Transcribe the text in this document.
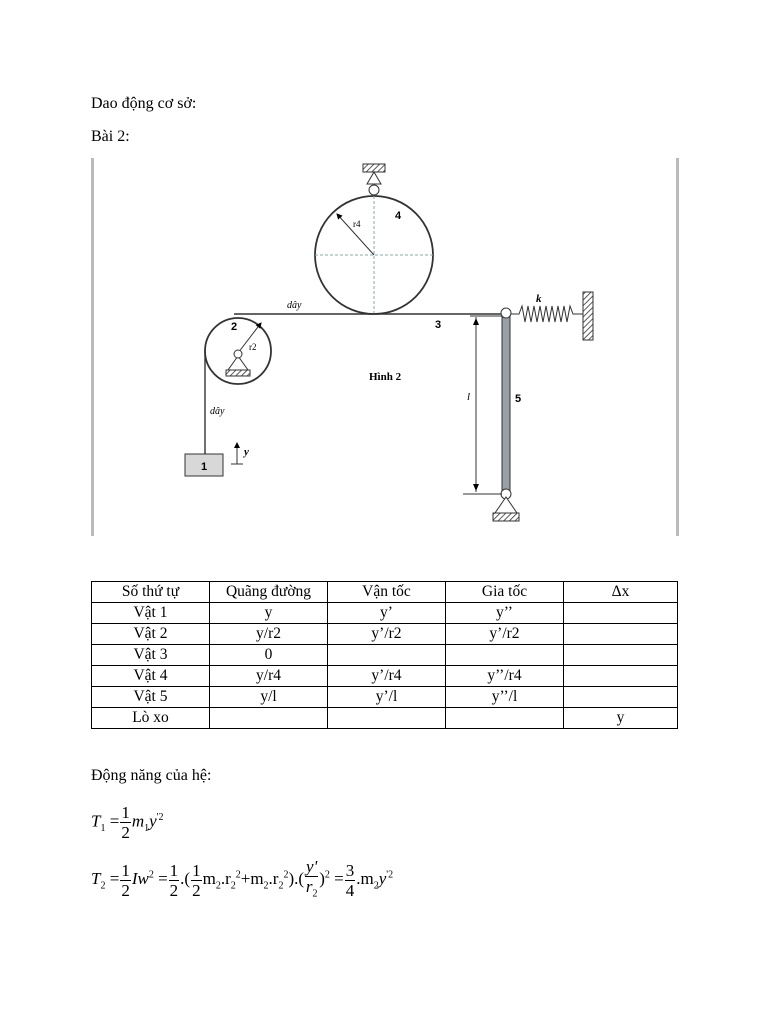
Dao động cơ sở:
Bài 2:
r4
4
dây
k
r2
2	3
Hình 2
5
l
dây
1
y
Số thứ tự	Quãng đường	Vận tốc	Gia tốc	Δx
Vật 1	y	y’	y’’	
Vật 2	y/r2	y’/r2	y’/r2	
Vật 3	0			
Vật 4	y/r4	y’/r4	y’’/r4	
Vật 5	y/l	y’/l	y’’/l	
Lò xo				y
Động năng của hệ:
$T_1 = \frac{1}{2} m_1y^{'2}$
$T_2 = \frac{1}{2} Iw^2 = \frac{1}{2}$ .( $\frac{1}{2} m_2.r_2^2+m_2.r_2^2).(\frac{y'}{r_2} )^2 = \frac{3}{4} .m_2y^{'2}$
